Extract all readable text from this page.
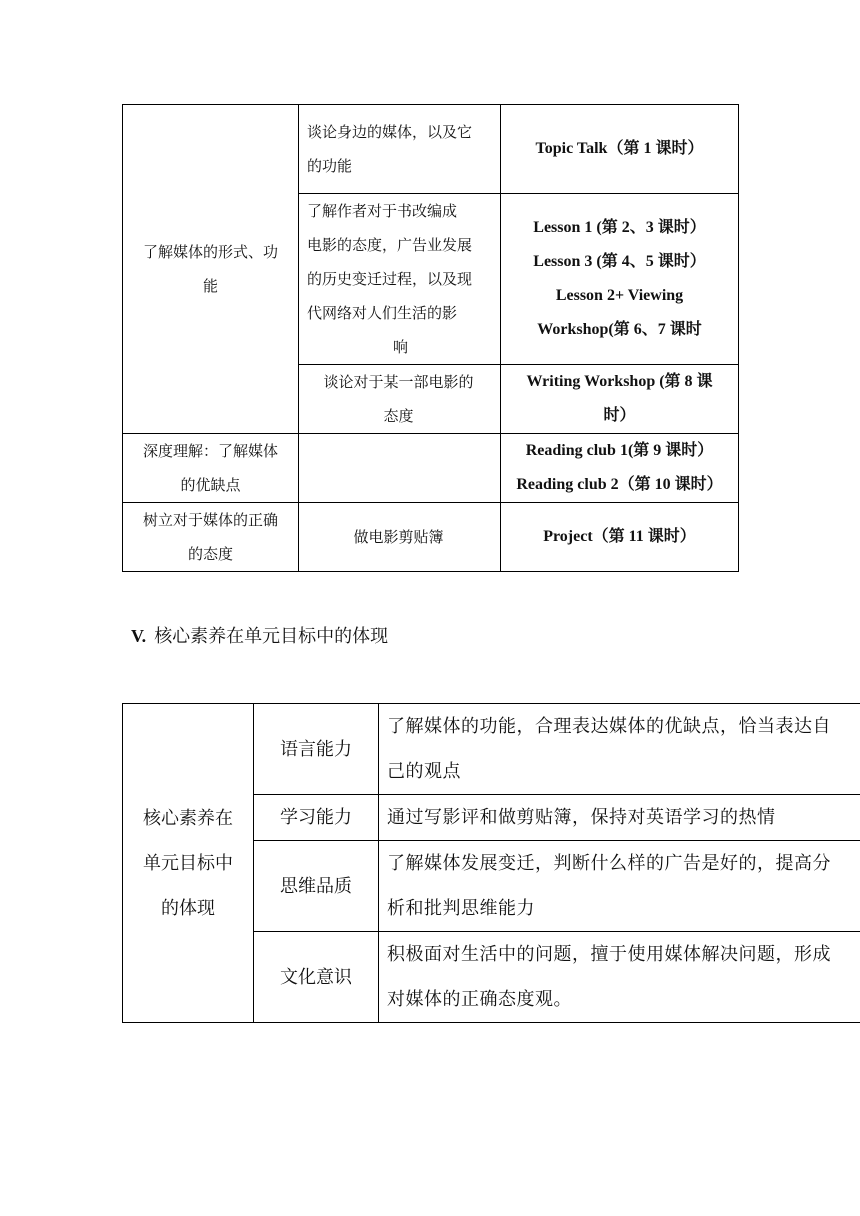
了解媒体的形式、功
能	谈论身边的媒体，以及它
的功能	Topic Talk（第 1 课时）

	了解作者对于书改编成
电影的态度，广告业发展
的历史变迁过程，以及现
代网络对人们生活的影
响	Lesson 1 (第 2、3 课时）
Lesson 3 (第 4、5 课时）
Lesson 2+ Viewing
Workshop(第 6、7 课时

	谈论对于某一部电影的
态度	Writing Workshop (第 8 课
时）

深度理解：了解媒体
的优缺点		Reading club 1(第 9 课时）
Reading club 2（第 10 课时）

树立对于媒体的正确
的态度	做电影剪贴簿	Project（第 11 课时）
V. 核心素养在单元目标中的体现
核心素养在
单元目标中
的体现	语言能力	了解媒体的功能，合理表达媒体的优缺点，恰当表达自
己的观点

	学习能力	通过写影评和做剪贴簿，保持对英语学习的热情

	思维品质	了解媒体发展变迁，判断什么样的广告是好的，提高分
析和批判思维能力

	文化意识	积极面对生活中的问题，擅于使用媒体解决问题，形成
对媒体的正确态度观。
